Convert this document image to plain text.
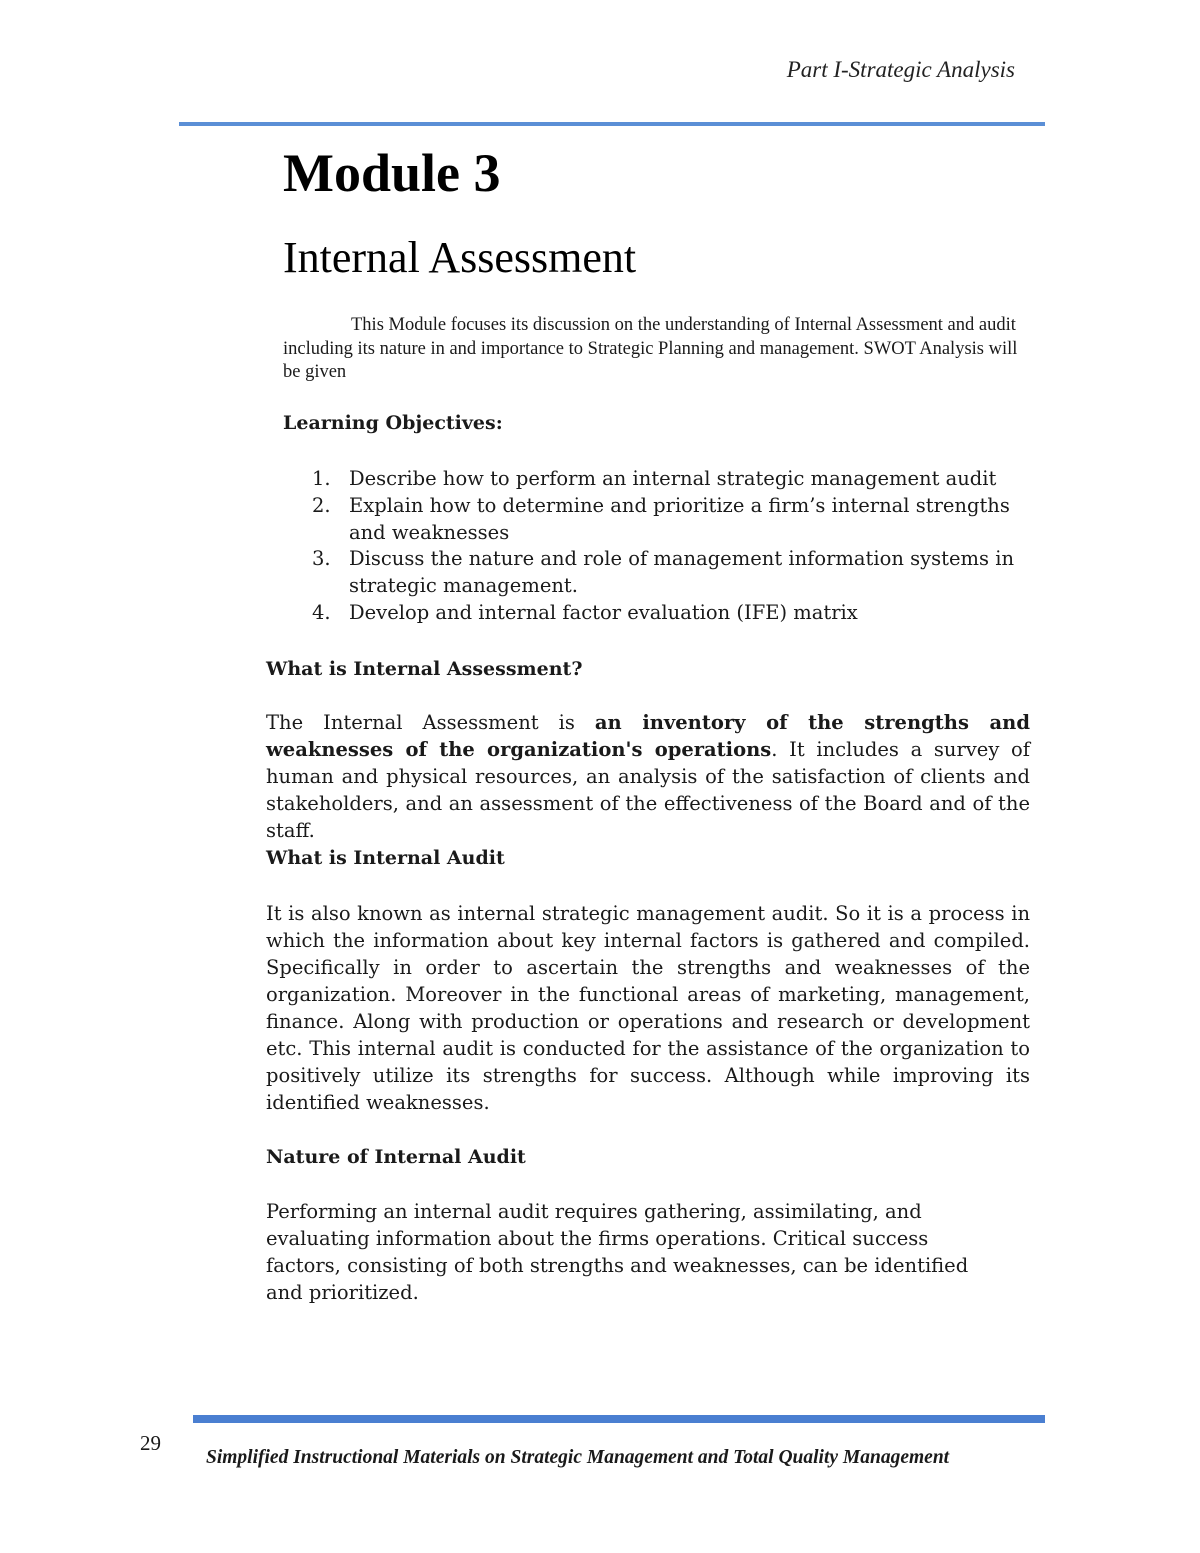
Part I-Strategic Analysis
Module 3
Internal Assessment

This Module focuses its discussion on the understanding of Internal Assessment and audit including its nature in and importance to Strategic Planning and management. SWOT Analysis will be given

Learning Objectives:
1. Describe how to perform an internal strategic management audit
2. Explain how to determine and prioritize a firm’s internal strengths and weaknesses
3. Discuss the nature and role of management information systems in strategic management.
4. Develop and internal factor evaluation (IFE) matrix
What is Internal Assessment?

The Internal Assessment is an inventory of the strengths and weaknesses of the organization's operations. It includes a survey of human and physical resources, an analysis of the satisfaction of clients and stakeholders, and an assessment of the effectiveness of the Board and of the staff.

What is Internal Audit

It is also known as internal strategic management audit. So it is a process in which the information about key internal factors is gathered and compiled. Specifically in order to ascertain the strengths and weaknesses of the organization. Moreover in the functional areas of marketing, management, finance. Along with production or operations and research or development etc. This internal audit is conducted for the assistance of the organization to positively utilize its strengths for success. Although while improving its identified weaknesses.

Nature of Internal Audit

Performing an internal audit requires gathering, assimilating, and evaluating information about the firms operations. Critical success factors, consisting of both strengths and weaknesses, can be identified and prioritized.

29
Simplified Instructional Materials on Strategic Management and Total Quality Management
